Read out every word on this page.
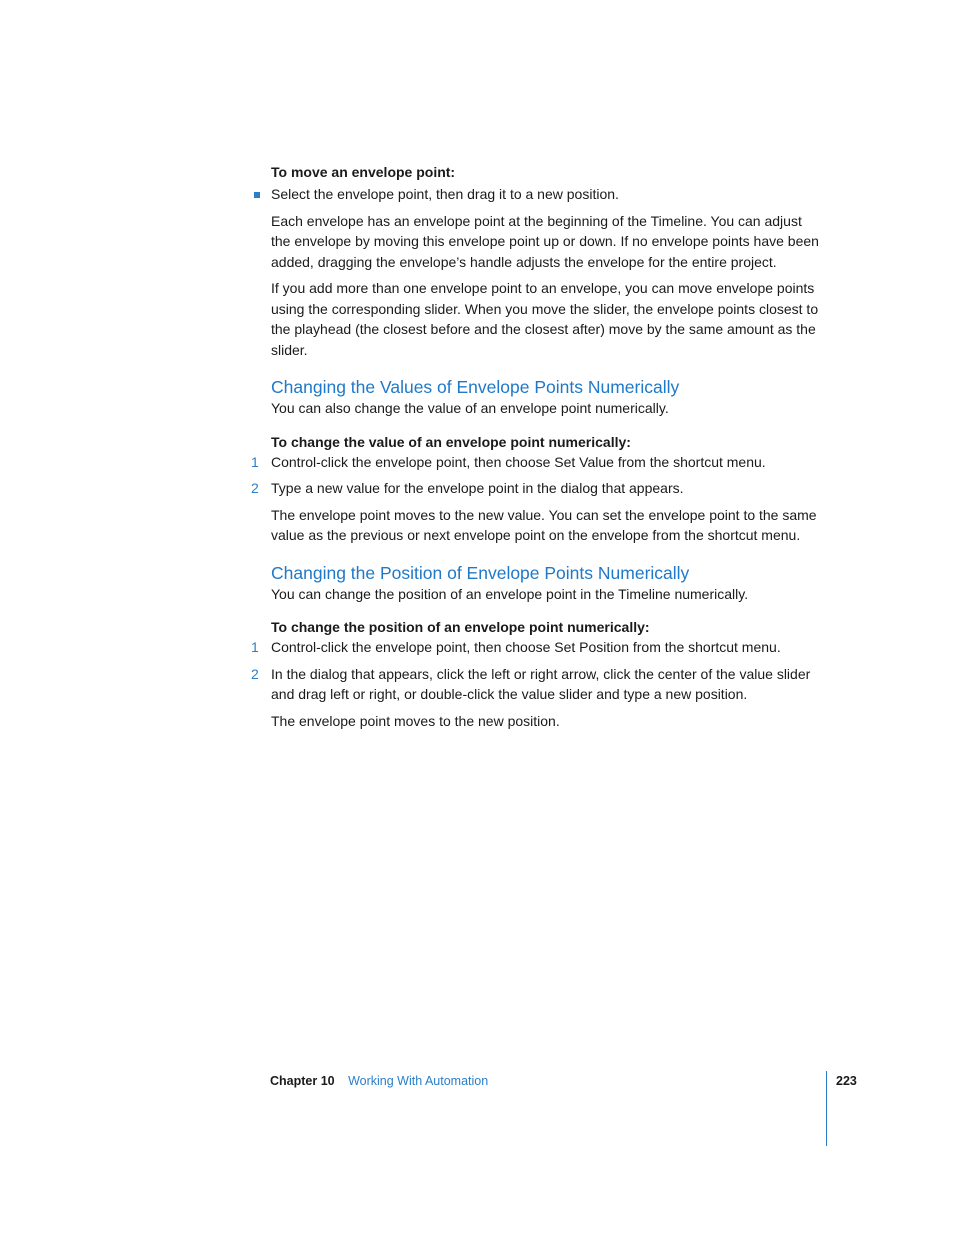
To move an envelope point:

Select the envelope point, then drag it to a new position.

Each envelope has an envelope point at the beginning of the Timeline. You can adjust the envelope by moving this envelope point up or down. If no envelope points have been added, dragging the envelope’s handle adjusts the envelope for the entire project.

If you add more than one envelope point to an envelope, you can move envelope points using the corresponding slider. When you move the slider, the envelope points closest to the playhead (the closest before and the closest after) move by the same amount as the slider.

Changing the Values of Envelope Points Numerically

You can also change the value of an envelope point numerically.

To change the value of an envelope point numerically:

1 Control-click the envelope point, then choose Set Value from the shortcut menu.
2 Type a new value for the envelope point in the dialog that appears.

The envelope point moves to the new value. You can set the envelope point to the same value as the previous or next envelope point on the envelope from the shortcut menu.

Changing the Position of Envelope Points Numerically

You can change the position of an envelope point in the Timeline numerically.

To change the position of an envelope point numerically:

1 Control-click the envelope point, then choose Set Position from the shortcut menu.
2 In the dialog that appears, click the left or right arrow, click the center of the value slider and drag left or right, or double-click the value slider and type a new position.

The envelope point moves to the new position.

Chapter 10 Working With Automation	223
